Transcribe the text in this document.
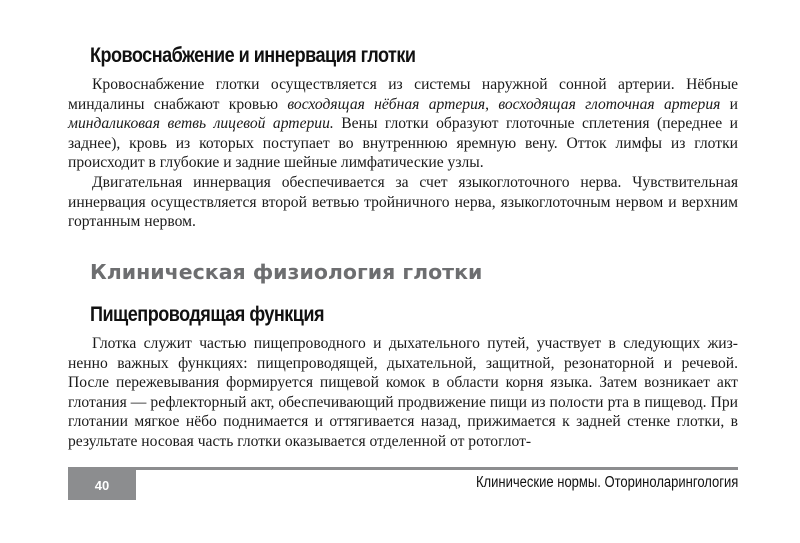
Кровоснабжение и иннервация глотки

Кровоснабжение глотки осуществляется из системы наружной сонной артерии. Нёбные миндалины снабжают кровью восходящая нёбная артерия, восходящая глоточная артерия и миндаликовая ветвь лицевой артерии. Вены глотки образуют глоточные сплетения (переднее и заднее), кровь из которых поступает во внутреннюю яремную вену. Отток лимфы из глотки происходит в глубокие и задние шейные лимфатические узлы.

Двигательная иннервация обеспечивается за счет языкоглоточного нерва. Чувствительная иннервация осуществляется второй ветвью тройничного нерва, языкоглоточным нервом и верхним гортанным нервом.

Клиническая физиология глотки
Пищепроводящая функция

Глотка служит частью пищепроводного и дыхательного путей, участвует в следующих жизненно важных функциях: пищепроводящей, дыхательной, защитной, резонаторной и речевой. После пережевывания формируется пищевой комок в области корня языка. Затем возникает акт глотания — рефлекторный акт, обеспечивающий продвижение пищи из полости рта в пищевод. При глотании мягкое нёбо поднимается и оттягивается назад, прижимается к задней стенке глотки, в результате носовая часть глотки оказывается отделенной от ротоглот-

40	Клинические нормы. Оториноларингология
